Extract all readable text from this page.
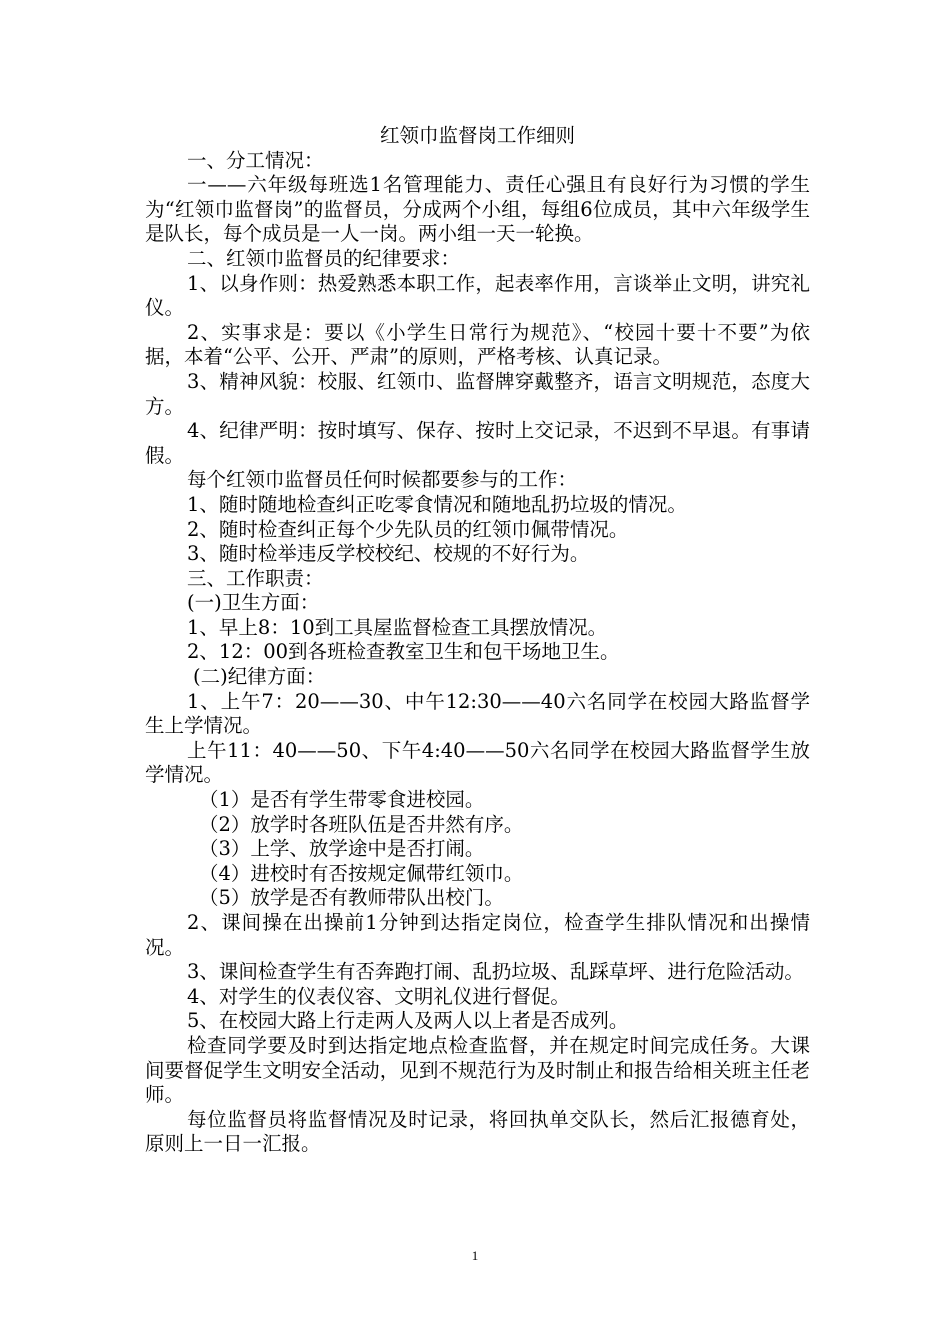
红领巾监督岗工作细则

一、分工情况：

一——六年级每班选1名管理能力、责任心强且有良好行为习惯的学生为“红领巾监督岗”的监督员，分成两个小组，每组6位成员，其中六年级学生是队长，每个成员是一人一岗。两小组一天一轮换。

二、红领巾监督员的纪律要求：

1、以身作则：热爱熟悉本职工作，起表率作用，言谈举止文明，讲究礼仪。

2、实事求是：要以《小学生日常行为规范》、“校园十要十不要”为依据，本着“公平、公开、严肃”的原则，严格考核、认真记录。

3、精神风貌：校服、红领巾、监督牌穿戴整齐，语言文明规范，态度大方。

4、纪律严明：按时填写、保存、按时上交记录，不迟到不早退。有事请假。

每个红领巾监督员任何时候都要参与的工作：

1、随时随地检查纠正吃零食情况和随地乱扔垃圾的情况。

2、随时检查纠正每个少先队员的红领巾佩带情况。

3、随时检举违反学校校纪、校规的不好行为。

三、工作职责：

(一)卫生方面：

1、早上8：10到工具屋监督检查工具摆放情况。

2、12：00到各班检查教室卫生和包干场地卫生。

(二)纪律方面：

1、上午7：20——30、中午12:30——40六名同学在校园大路监督学生上学情况。

上午11：40——50、下午4:40——50六名同学在校园大路监督学生放学情况。

（1）是否有学生带零食进校园。

（2）放学时各班队伍是否井然有序。

（3）上学、放学途中是否打闹。

（4）进校时有否按规定佩带红领巾。

（5）放学是否有教师带队出校门。

2、课间操在出操前1分钟到达指定岗位，检查学生排队情况和出操情况。

3、课间检查学生有否奔跑打闹、乱扔垃圾、乱踩草坪、进行危险活动。

4、对学生的仪表仪容、文明礼仪进行督促。

5、在校园大路上行走两人及两人以上者是否成列。

检查同学要及时到达指定地点检查监督，并在规定时间完成任务。大课间要督促学生文明安全活动，见到不规范行为及时制止和报告给相关班主任老师。

每位监督员将监督情况及时记录，将回执单交队长，然后汇报德育处，原则上一日一汇报。

1
